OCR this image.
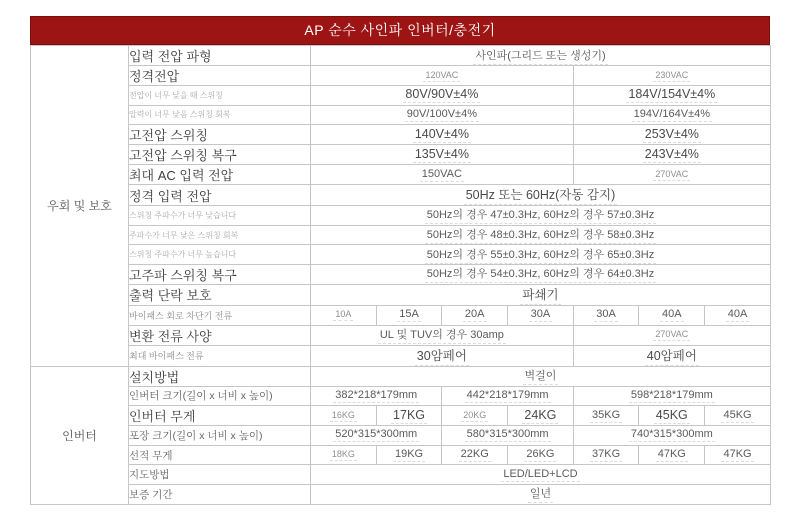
AP 순수 사인파 인버터/충전기
우회 및 보호	입력 전압 파형	사인파(그리드 또는 생성기)						
	정격전압	120VAC				230VAC		
	전압이 너무 낮을 때 스위칭	80V/90V±4%				184V/154V±4%		
	압력이 너무 낮음 스위칭 회복	90V/100V±4%				194V/164V±4%		
	고전압 스위칭	140V±4%				253V±4%		
	고전압 스위칭 복구	135V±4%				243V±4%		
	최대 AC 입력 전압	150VAC				270VAC		
	정격 입력 전압	50Hz 또는 60Hz(자동 감지)						
	스위칭 주파수가 너무 낮습니다	50Hz의 경우 47±0.3Hz, 60Hz의 경우 57±0.3Hz						
	주파수가 너무 낮은 스위칭 회복	50Hz의 경우 48±0.3Hz, 60Hz의 경우 58±0.3Hz						
	스위칭 주파수가 너무 높습니다	50Hz의 경우 55±0.3Hz, 60Hz의 경우 65±0.3Hz						
	고주파 스위칭 복구	50Hz의 경우 54±0.3Hz, 60Hz의 경우 64±0.3Hz						
	출력 단락 보호	파쇄기						
	바이패스 회로 차단기 전류	10A	15A	20A	30A	30A	40A	40A
	변환 전류 사양	UL 및 TUV의 경우 30amp				270VAC		
	최대 바이패스 전류	30암페어				40암페어		
인버터	설치방법	벽걸이						
	인버터 크기(길이 x 너비 x 높이)	382*218*179mm		442*218*179mm		598*218*179mm		
	인버터 무게	16KG	17KG	20KG	24KG	35KG	45KG	45KG
	포장 크기(길이 x 너비 x 높이)	520*315*300mm		580*315*300mm		740*315*300mm		
	선적 무게	18KG	19KG	22KG	26KG	37KG	47KG	47KG
	지도방법	LED/LED+LCD						
	보증 기간	일년						
